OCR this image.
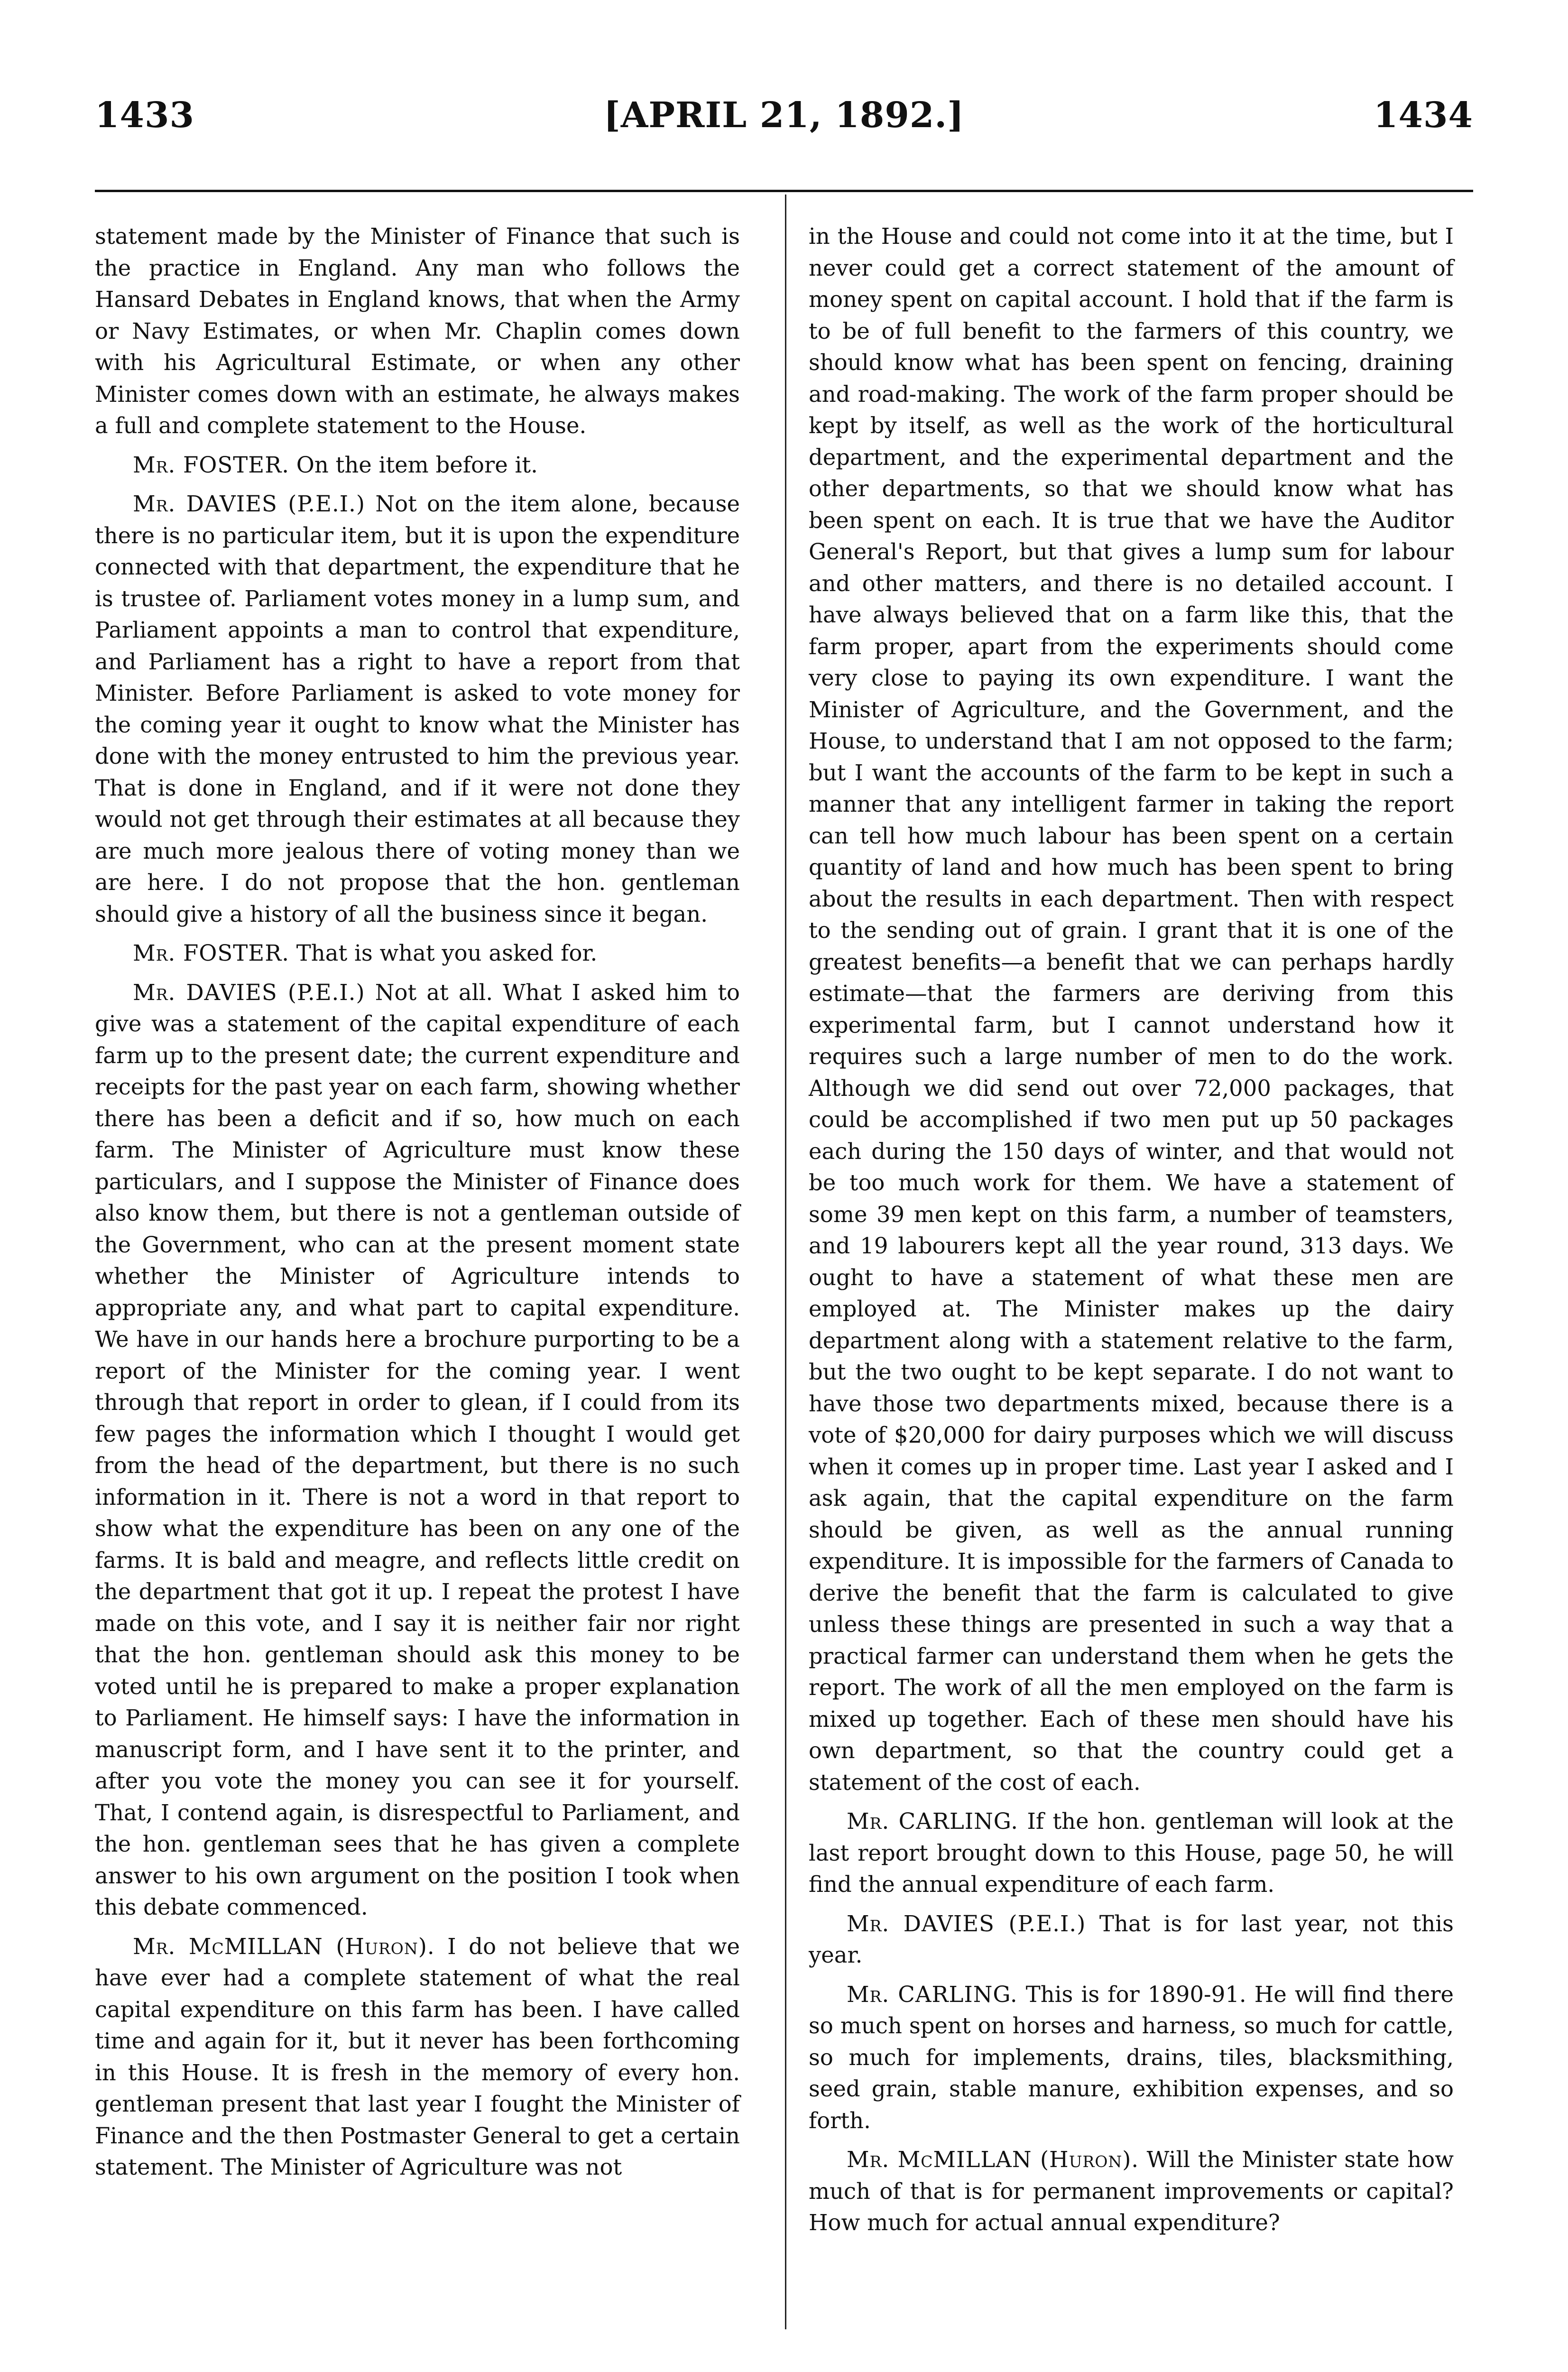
1433	[APRIL 21, 1892.]	1434

statement made by the Minister of Finance that such is the practice in England. Any man who follows the Hansard Debates in England knows, that when the Army or Navy Estimates, or when Mr. Chaplin comes down with his Agricultural Estimate, or when any other Minister comes down with an estimate, he always makes a full and complete statement to the House.

Mr. FOSTER. On the item before it.

Mr. DAVIES (P.E.I.) Not on the item alone, because there is no particular item, but it is upon the expenditure connected with that department, the expenditure that he is trustee of. Parliament votes money in a lump sum, and Parliament appoints a man to control that expenditure, and Parliament has a right to have a report from that Minister. Before Parliament is asked to vote money for the coming year it ought to know what the Minister has done with the money entrusted to him the previous year. That is done in England, and if it were not done they would not get through their estimates at all because they are much more jealous there of voting money than we are here. I do not propose that the hon. gentleman should give a history of all the business since it began.

Mr. FOSTER. That is what you asked for.

Mr. DAVIES (P.E.I.) Not at all. What I asked him to give was a statement of the capital expenditure of each farm up to the present date; the current expenditure and receipts for the past year on each farm, showing whether there has been a deficit and if so, how much on each farm. The Minister of Agriculture must know these particulars, and I suppose the Minister of Finance does also know them, but there is not a gentleman outside of the Government, who can at the present moment state whether the Minister of Agriculture intends to appropriate any, and what part to capital expenditure. We have in our hands here a brochure purporting to be a report of the Minister for the coming year. I went through that report in order to glean, if I could from its few pages the information which I thought I would get from the head of the department, but there is no such information in it. There is not a word in that report to show what the expenditure has been on any one of the farms. It is bald and meagre, and reflects little credit on the department that got it up. I repeat the protest I have made on this vote, and I say it is neither fair nor right that the hon. gentleman should ask this money to be voted until he is prepared to make a proper explanation to Parliament. He himself says: I have the information in manuscript form, and I have sent it to the printer, and after you vote the money you can see it for yourself. That, I contend again, is disrespectful to Parliament, and the hon. gentleman sees that he has given a complete answer to his own argument on the position I took when this debate commenced.

Mr. McMILLAN (Huron). I do not believe that we have ever had a complete statement of what the real capital expenditure on this farm has been. I have called time and again for it, but it never has been forthcoming in this House. It is fresh in the memory of every hon. gentleman present that last year I fought the Minister of Finance and the then Postmaster General to get a certain statement. The Minister of Agriculture was not

in the House and could not come into it at the time, but I never could get a correct statement of the amount of money spent on capital account. I hold that if the farm is to be of full benefit to the farmers of this country, we should know what has been spent on fencing, draining and road-making. The work of the farm proper should be kept by itself, as well as the work of the horticultural department, and the experimental department and the other departments, so that we should know what has been spent on each. It is true that we have the Auditor General's Report, but that gives a lump sum for labour and other matters, and there is no detailed account. I have always believed that on a farm like this, that the farm proper, apart from the experiments should come very close to paying its own expenditure. I want the Minister of Agriculture, and the Government, and the House, to understand that I am not opposed to the farm; but I want the accounts of the farm to be kept in such a manner that any intelligent farmer in taking the report can tell how much labour has been spent on a certain quantity of land and how much has been spent to bring about the results in each department. Then with respect to the sending out of grain. I grant that it is one of the greatest benefits—a benefit that we can perhaps hardly estimate—that the farmers are deriving from this experimental farm, but I cannot understand how it requires such a large number of men to do the work. Although we did send out over 72,000 packages, that could be accomplished if two men put up 50 packages each during the 150 days of winter, and that would not be too much work for them. We have a statement of some 39 men kept on this farm, a number of teamsters, and 19 labourers kept all the year round, 313 days. We ought to have a statement of what these men are employed at. The Minister makes up the dairy department along with a statement relative to the farm, but the two ought to be kept separate. I do not want to have those two departments mixed, because there is a vote of $20,000 for dairy purposes which we will discuss when it comes up in proper time. Last year I asked and I ask again, that the capital expenditure on the farm should be given, as well as the annual running expenditure. It is impossible for the farmers of Canada to derive the benefit that the farm is calculated to give unless these things are presented in such a way that a practical farmer can understand them when he gets the report. The work of all the men employed on the farm is mixed up together. Each of these men should have his own department, so that the country could get a statement of the cost of each.

Mr. CARLING. If the hon. gentleman will look at the last report brought down to this House, page 50, he will find the annual expenditure of each farm.

Mr. DAVIES (P.E.I.) That is for last year, not this year.

Mr. CARLING. This is for 1890-91. He will find there so much spent on horses and harness, so much for cattle, so much for implements, drains, tiles, blacksmithing, seed grain, stable manure, exhibition expenses, and so forth.

Mr. McMILLAN (Huron). Will the Minister state how much of that is for permanent improvements or capital? How much for actual annual expenditure?
